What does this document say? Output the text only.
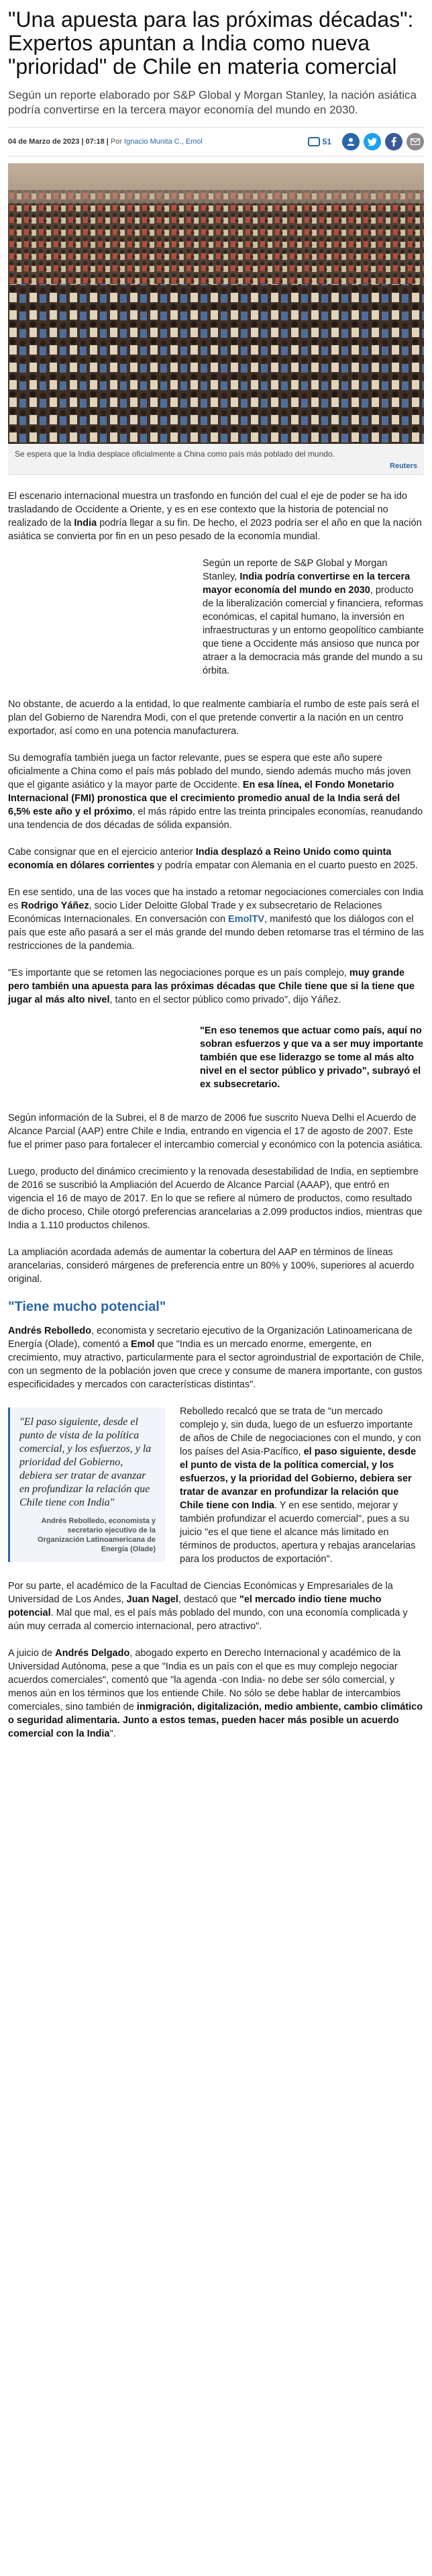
"Una apuesta para las próximas décadas": Expertos apuntan a India como nueva "prioridad" de Chile en materia comercial
Según un reporte elaborado por S&P Global y Morgan Stanley, la nación asiática podría convertirse en la tercera mayor economía del mundo en 2030.
04 de Marzo de 2023 | 07:18 | Por Ignacio Munita C., Emol	51
Se espera que la India desplace oficialmente a China como país más poblado del mundo.
Reuters

El escenario internacional muestra un trasfondo en función del cual el eje de poder se ha ido trasladando de Occidente a Oriente, y es en ese contexto que la historia de potencial no realizado de la India podría llegar a su fin. De hecho, el 2023 podría ser el año en que la nación asiática se convierta por fin en un peso pesado de la economía mundial.

Según un reporte de S&P Global y Morgan Stanley, India podría convertirse en la tercera mayor economía del mundo en 2030, producto de la liberalización comercial y financiera, reformas económicas, el capital humano, la inversión en infraestructuras y un entorno geopolítico cambiante que tiene a Occidente más ansioso que nunca por atraer a la democracia más grande del mundo a su órbita.

No obstante, de acuerdo a la entidad, lo que realmente cambiaría el rumbo de este país será el plan del Gobierno de Narendra Modi, con el que pretende convertir a la nación en un centro exportador, así como en una potencia manufacturera.

Su demografía también juega un factor relevante, pues se espera que este año supere oficialmente a China como el país más poblado del mundo, siendo además mucho más joven que el gigante asiático y la mayor parte de Occidente. En esa línea, el Fondo Monetario Internacional (FMI) pronostica que el crecimiento promedio anual de la India será del 6,5% este año y el próximo, el más rápido entre las treinta principales economías, reanudando una tendencia de dos décadas de sólida expansión.

Cabe consignar que en el ejercicio anterior India desplazó a Reino Unido como quinta economía en dólares corrientes y podría empatar con Alemania en el cuarto puesto en 2025.

En ese sentido, una de las voces que ha instado a retomar negociaciones comerciales con India es Rodrigo Yáñez, socio Líder Deloitte Global Trade y ex subsecretario de Relaciones Económicas Internacionales. En conversación con EmolTV, manifestó que los diálogos con el país que este año pasará a ser el más grande del mundo deben retomarse tras el término de las restricciones de la pandemia.

"Es importante que se retomen las negociaciones porque es un país complejo, muy grande pero también una apuesta para las próximas décadas que Chile tiene que si la tiene que jugar al más alto nivel, tanto en el sector público como privado", dijo Yáñez.

"En eso tenemos que actuar como país, aquí no sobran esfuerzos y que va a ser muy importante también que ese liderazgo se tome al más alto nivel en el sector público y privado", subrayó el ex subsecretario.

Según información de la Subrei, el 8 de marzo de 2006 fue suscrito Nueva Delhi el Acuerdo de Alcance Parcial (AAP) entre Chile e India, entrando en vigencia el 17 de agosto de 2007. Este fue el primer paso para fortalecer el intercambio comercial y económico con la potencia asiática.

Luego, producto del dinámico crecimiento y la renovada desestabilidad de India, en septiembre de 2016 se suscribió la Ampliación del Acuerdo de Alcance Parcial (AAAP), que entró en vigencia el 16 de mayo de 2017. En lo que se refiere al número de productos, como resultado de dicho proceso, Chile otorgó preferencias arancelarias a 2.099 productos indios, mientras que India a 1.110 productos chilenos.

La ampliación acordada además de aumentar la cobertura del AAP en términos de líneas arancelarias, consideró márgenes de preferencia entre un 80% y 100%, superiores al acuerdo original.

"Tiene mucho potencial"

Andrés Rebolledo, economista y secretario ejecutivo de la Organización Latinoamericana de Energía (Olade), comentó a Emol que "India es un mercado enorme, emergente, en crecimiento, muy atractivo, particularmente para el sector agroindustrial de exportación de Chile, con un segmento de la población joven que crece y consume de manera importante, con gustos especificidades y mercados con características distintas".

"El paso siguiente, desde el punto de vista de la política comercial, y los esfuerzos, y la prioridad del Gobierno, debiera ser tratar de avanzar en profundizar la relación que Chile tiene con India"
Andrés Rebolledo, economista y secretario ejecutivo de la Organización Latinoamericana de Energía (Olade)

Rebolledo recalcó que se trata de "un mercado complejo y, sin duda, luego de un esfuerzo importante de años de Chile de negociaciones con el mundo, y con los países del Asia-Pacífico, el paso siguiente, desde el punto de vista de la política comercial, y los esfuerzos, y la prioridad del Gobierno, debiera ser tratar de avanzar en profundizar la relación que Chile tiene con India. Y en ese sentido, mejorar y también profundizar el acuerdo comercial", pues a su juicio "es el que tiene el alcance más limitado en términos de productos, apertura y rebajas arancelarias para los productos de exportación".

Por su parte, el académico de la Facultad de Ciencias Económicas y Empresariales de la Universidad de Los Andes, Juan Nagel, destacó que "el mercado indio tiene mucho potencial. Mal que mal, es el país más poblado del mundo, con una economía complicada y aún muy cerrada al comercio internacional, pero atractivo".

A juicio de Andrés Delgado, abogado experto en Derecho Internacional y académico de la Universidad Autónoma, pese a que "India es un país con el que es muy complejo negociar acuerdos comerciales", comentó que "la agenda -con India- no debe ser sólo comercial, y menos aún en los términos que los entiende Chile. No sólo se debe hablar de intercambios comerciales, sino también de inmigración, digitalización, medio ambiente, cambio climático o seguridad alimentaria. Junto a estos temas, pueden hacer más posible un acuerdo comercial con la India".
